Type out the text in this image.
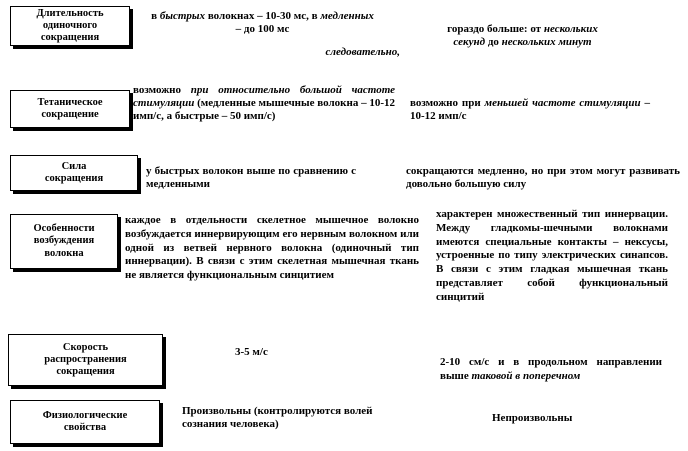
Длительность
одиночного
сокращения
в быстрых волокнах – 10-30 мс, в медленных – до 100 мс	гораздо больше: от нескольких
секунд до нескольких минут

следовательно,
Тетаническое
сокращение
возможно при относительно большой частоте стимуляции (медленные мышечные волокна – 10-12 имп/с, а быстрые – 50 имп/с)
возможно при меньшей частоте стимуляции – 10-12 имп/с
Сила
сокращения
у быстрых волокон выше по сравнению с медленными
сокращаются медленно, но при этом могут развивать довольно большую силу
Особенности
возбуждения
волокна
каждое в отдельности скелетное мышечное волокно возбуждается иннервирующим его нервным волокном или одной из ветвей нервного волокна (одиночный тип иннервации). В связи с этим скелетная мышечная ткань не является функциональным синцитием
характерен множественный тип иннервации. Между гладкомы-шечными волокнами имеются специальные контакты – нексусы, устроенные по типу электрических синапсов. В связи с этим гладкая мышечная ткань представляет собой функциональный синцитий
Скорость
распространения
сокращения
3-5 м/с
2-10 см/с и в продольном направлении выше таковой в поперечном
Физиологические
свойства
Произвольны (контролируются волей сознания человека)
Непроизвольны
